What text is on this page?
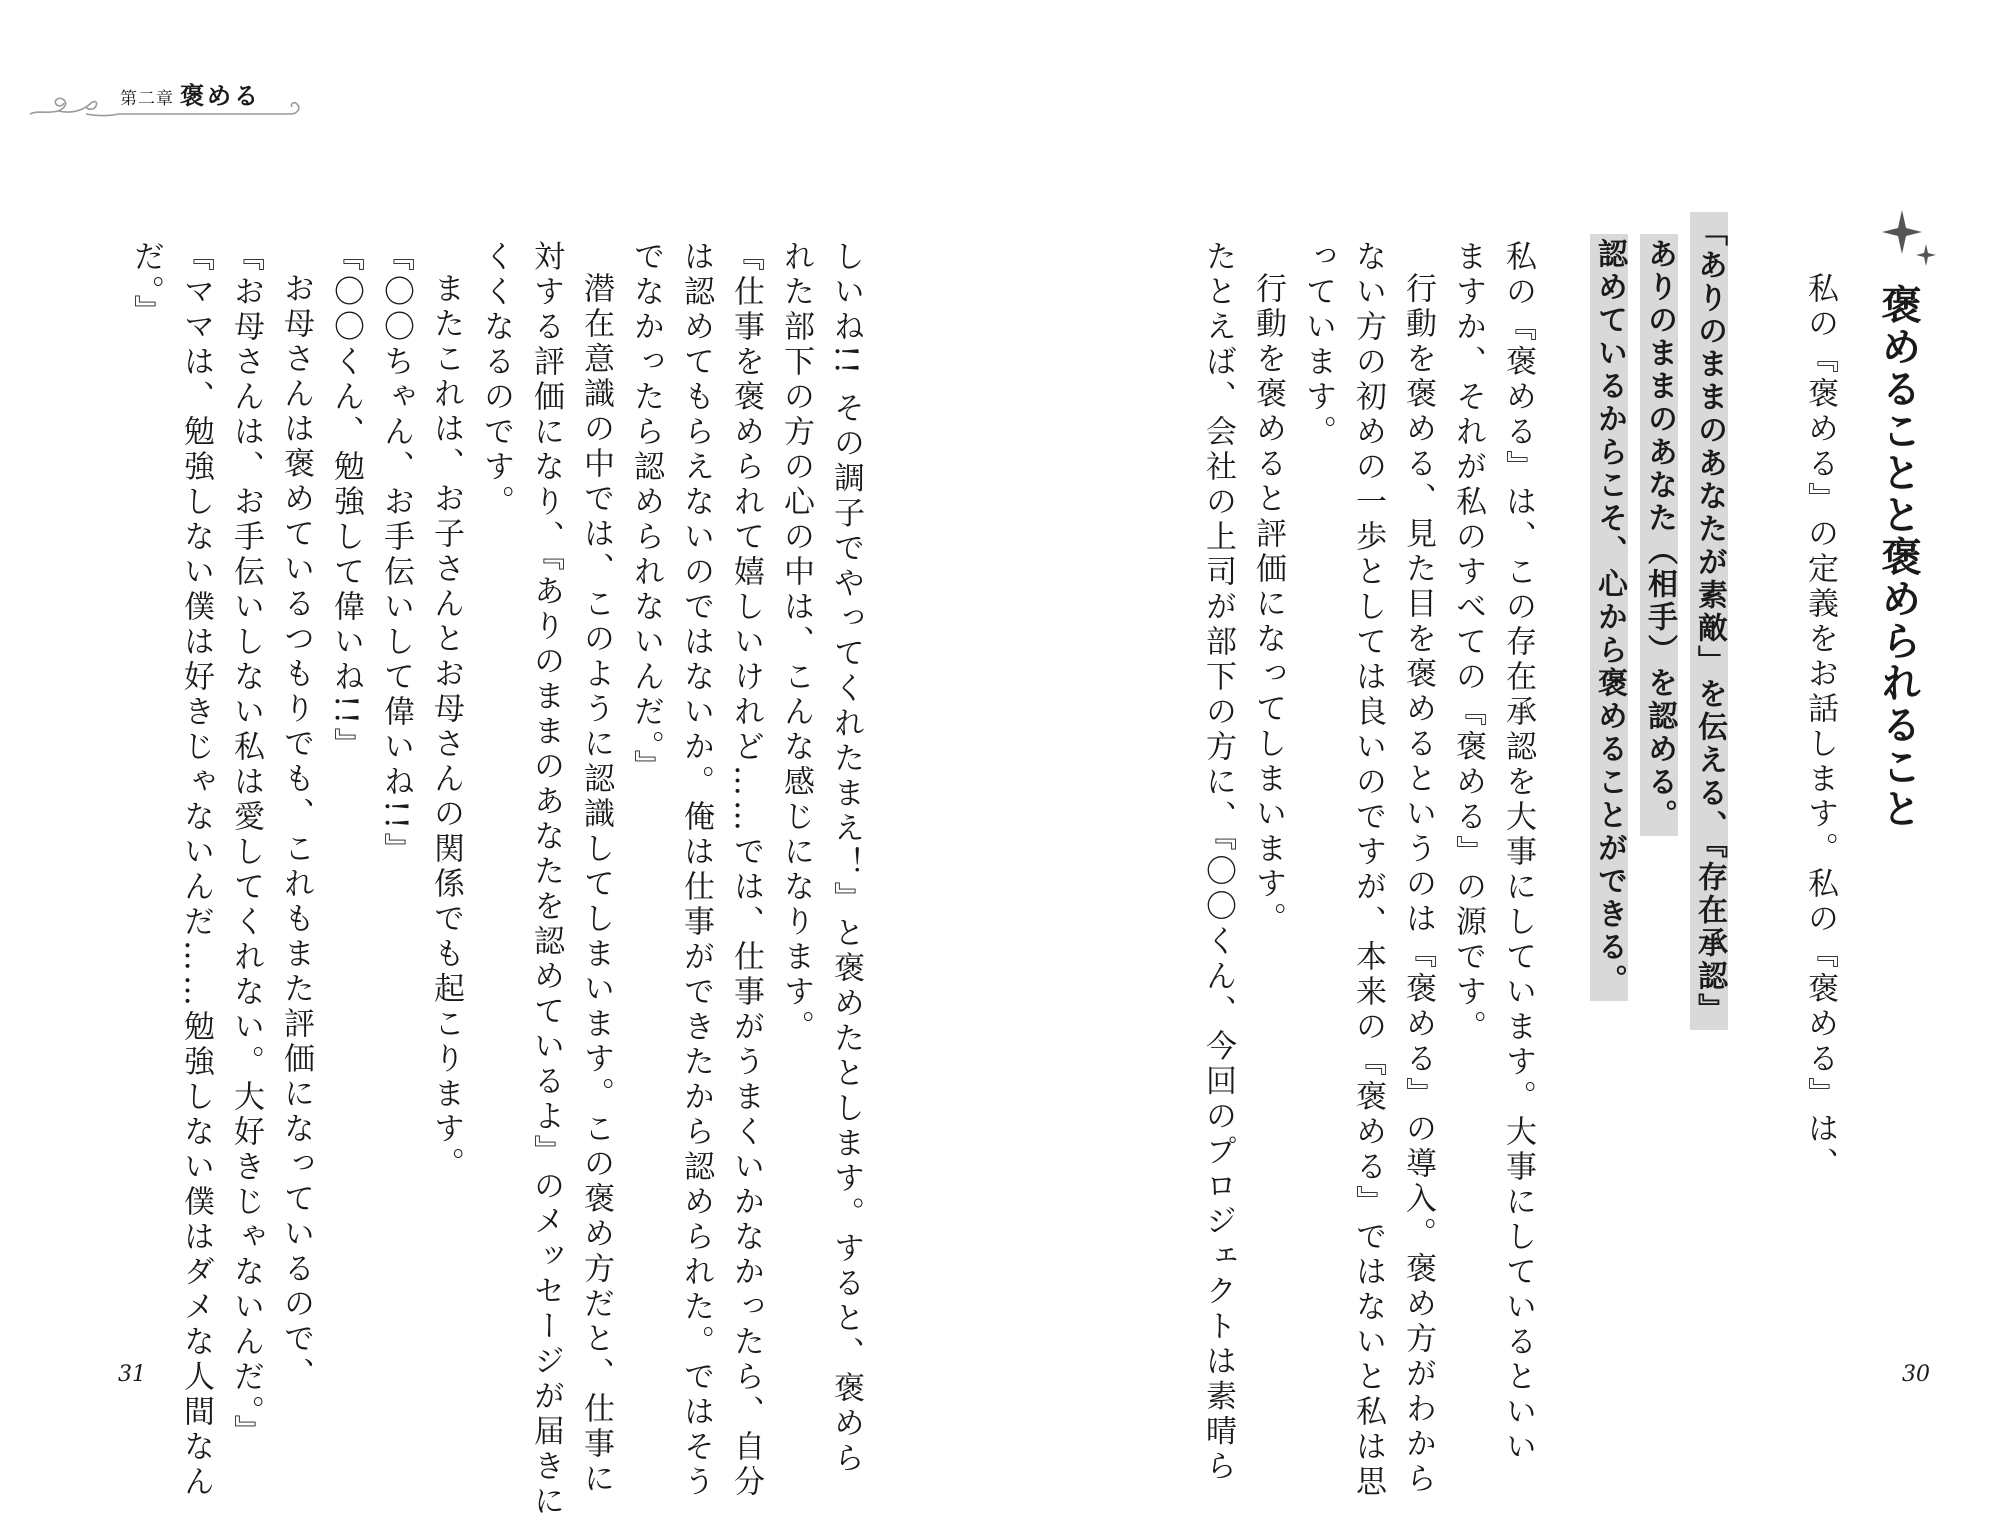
第二章 褒める
褒めることと褒められること
私の『褒める』の定義をお話します。私の『褒める』は、
「ありのままのあなたが素敵」を伝える、『存在承認』
ありのままのあなた（相手）を認める。
認めているからこそ、心から褒めることができる。
私の『褒める』は、この存在承認を大事にしています。大事にしているといい
ますか、それが私のすべての『褒める』の源です。
行動を褒める、見た目を褒めるというのは『褒める』の導入。褒め方がわから
ない方の初めの一歩としては良いのですが、本来の『褒める』ではないと私は思
っています。
行動を褒めると評価になってしまいます。
たとえば、会社の上司が部下の方に、『〇〇くん、今回のプロジェクトは素晴ら	30
しいね!! その調子でやってくれたまえ！』と褒めたとします。すると、褒めら
れた部下の方の心の中は、こんな感じになります。
『仕事を褒められて嬉しいけれど……では、仕事がうまくいかなかったら、自分
は認めてもらえないのではないか。俺は仕事ができたから認められた。ではそう
でなかったら認められないんだ。』
潜在意識の中では、このように認識してしまいます。この褒め方だと、仕事に
対する評価になり、『ありのままのあなたを認めているよ』のメッセージが届きに
くくなるのです。
またこれは、お子さんとお母さんの関係でも起こります。
『〇〇ちゃん、お手伝いして偉いね!!』
『〇〇くん、勉強して偉いね!!』
お母さんは褒めているつもりでも、これもまた評価になっているので、
『お母さんは、お手伝いしない私は愛してくれない。大好きじゃないんだ。』
『ママは、勉強しない僕は好きじゃないんだ……勉強しない僕はダメな人間なん
だ。』
31
